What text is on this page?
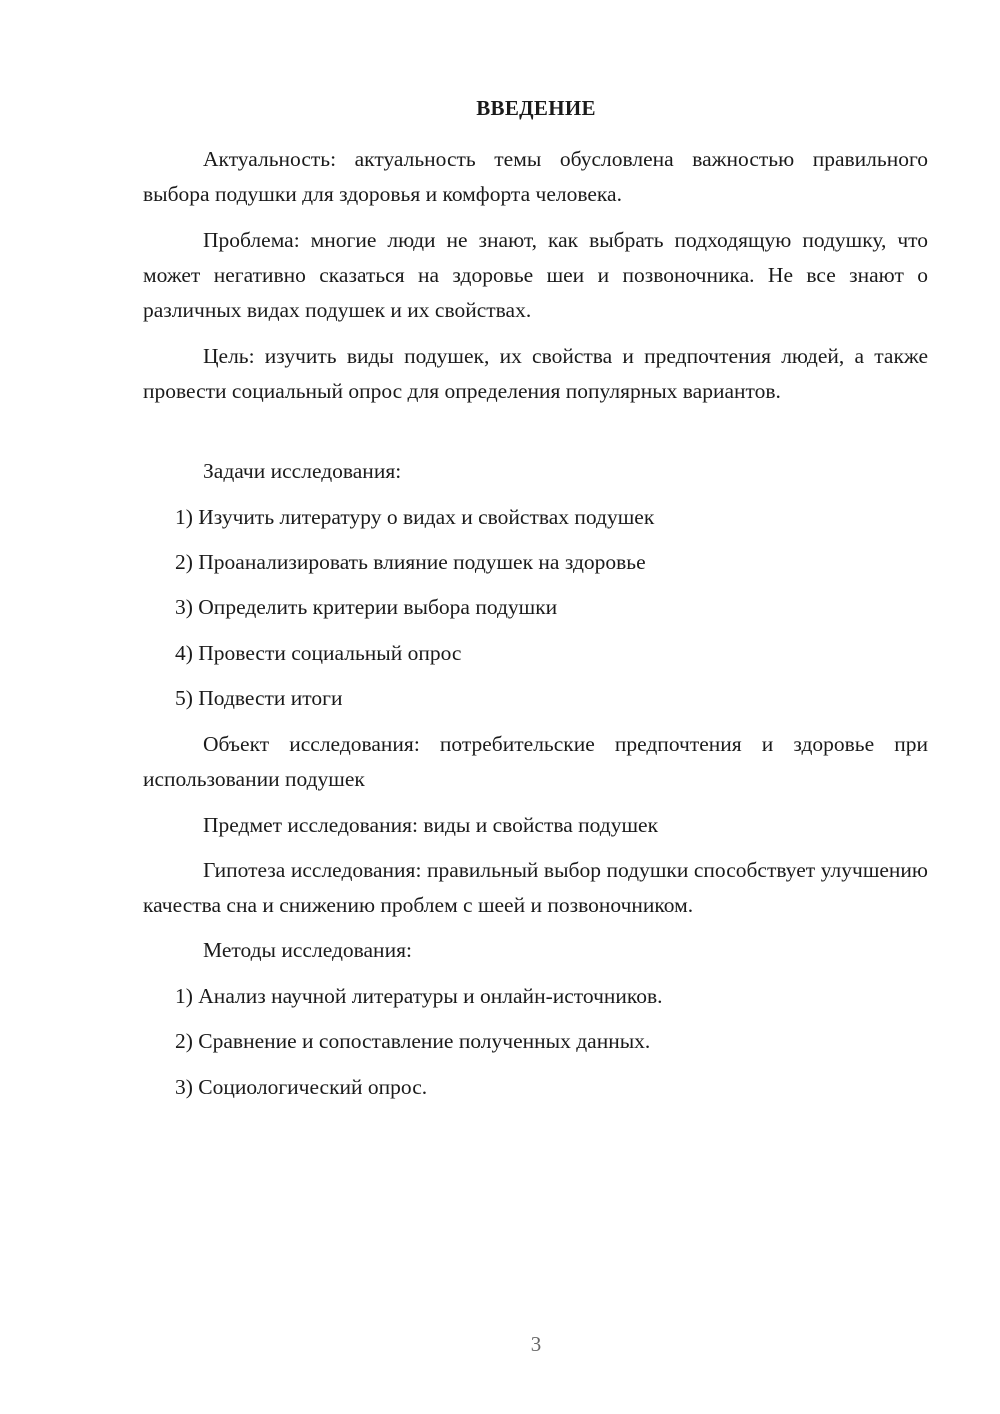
ВВЕДЕНИЕ

Актуальность: актуальность темы обусловлена важностью правильного выбора подушки для здоровья и комфорта человека.

Проблема: многие люди не знают, как выбрать подходящую подушку, что может негативно сказаться на здоровье шеи и позвоночника. Не все знают о различных видах подушек и их свойствах.

Цель: изучить виды подушек, их свойства и предпочтения людей, а также провести социальный опрос для определения популярных вариантов.

Задачи исследования:

1) Изучить литературу о видах и свойствах подушек
2) Проанализировать влияние подушек на здоровье
3) Определить критерии выбора подушки
4) Провести социальный опрос
5) Подвести итоги

Объект исследования: потребительские предпочтения и здоровье при использовании подушек

Предмет исследования: виды и свойства подушек

Гипотеза исследования: правильный выбор подушки способствует улучшению качества сна и снижению проблем с шеей и позвоночником.

Методы исследования:

1) Анализ научной литературы и онлайн-источников.
2) Сравнение и сопоставление полученных данных.
3) Социологический опрос.
3
